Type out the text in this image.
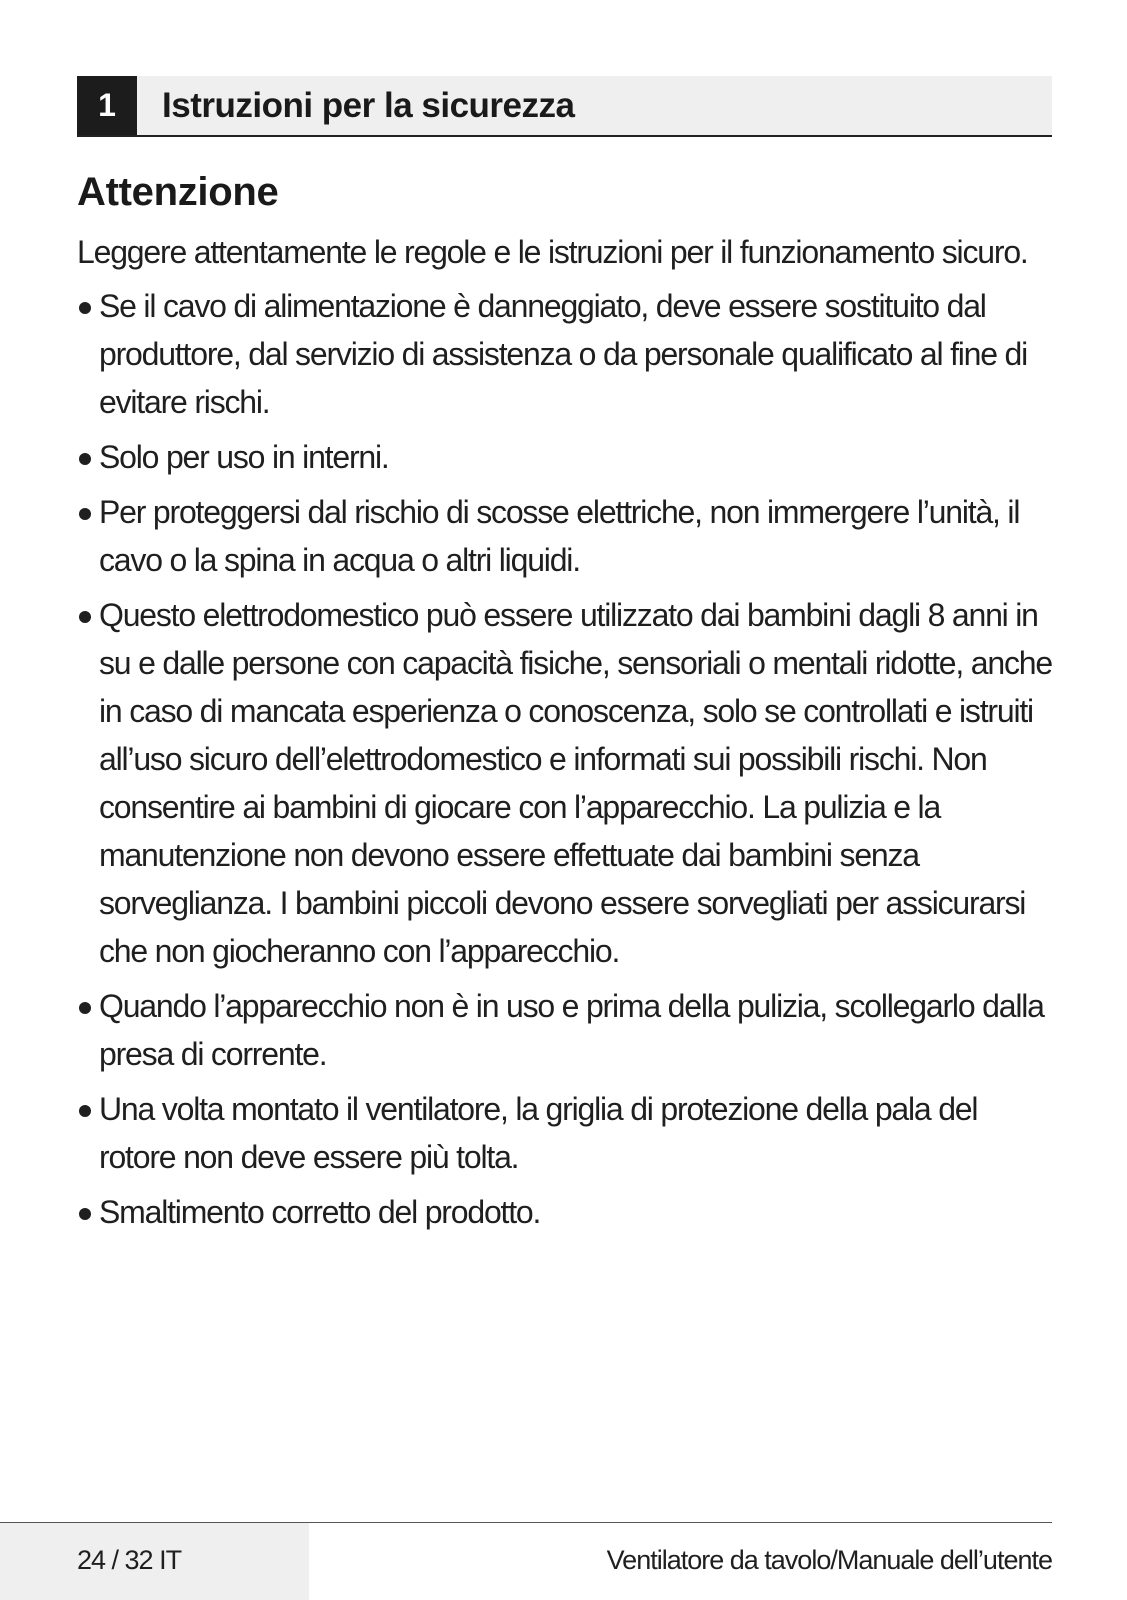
1	Istruzioni per la sicurezza
Attenzione

Leggere attentamente le regole e le istruzioni per il funzionamento sicuro.

Se il cavo di alimentazione è danneggiato, deve essere sostituito dal produttore, dal servizio di assistenza o da personale qualificato al fine di evitare rischi.
Solo per uso in interni.
Per proteggersi dal rischio di scosse elettriche, non immergere l’unità, il cavo o la spina in acqua o altri liquidi.
Questo elettrodomestico può essere utilizzato dai bambini dagli 8 anni in su e dalle persone con capacità fisiche, sensoriali o mentali ridotte, anche in caso di mancata esperienza o conoscenza, solo se controllati e istruiti all’uso sicuro dell’elettrodomestico e informati sui possibili rischi. Non consentire ai bambini di giocare con l’apparecchio. La pulizia e la manutenzione non devono essere effettuate dai bambini senza sorveglianza. I bambini piccoli devono essere sorvegliati per assicurarsi che non giocheranno con l’apparecchio.
Quando l’apparecchio non è in uso e prima della pulizia, scollegarlo dalla presa di corrente.
Una volta montato il ventilatore, la griglia di protezione della pala del rotore non deve essere più tolta.
Smaltimento corretto del prodotto.
24 / 32 IT	Ventilatore da tavolo/Manuale dell’utente
